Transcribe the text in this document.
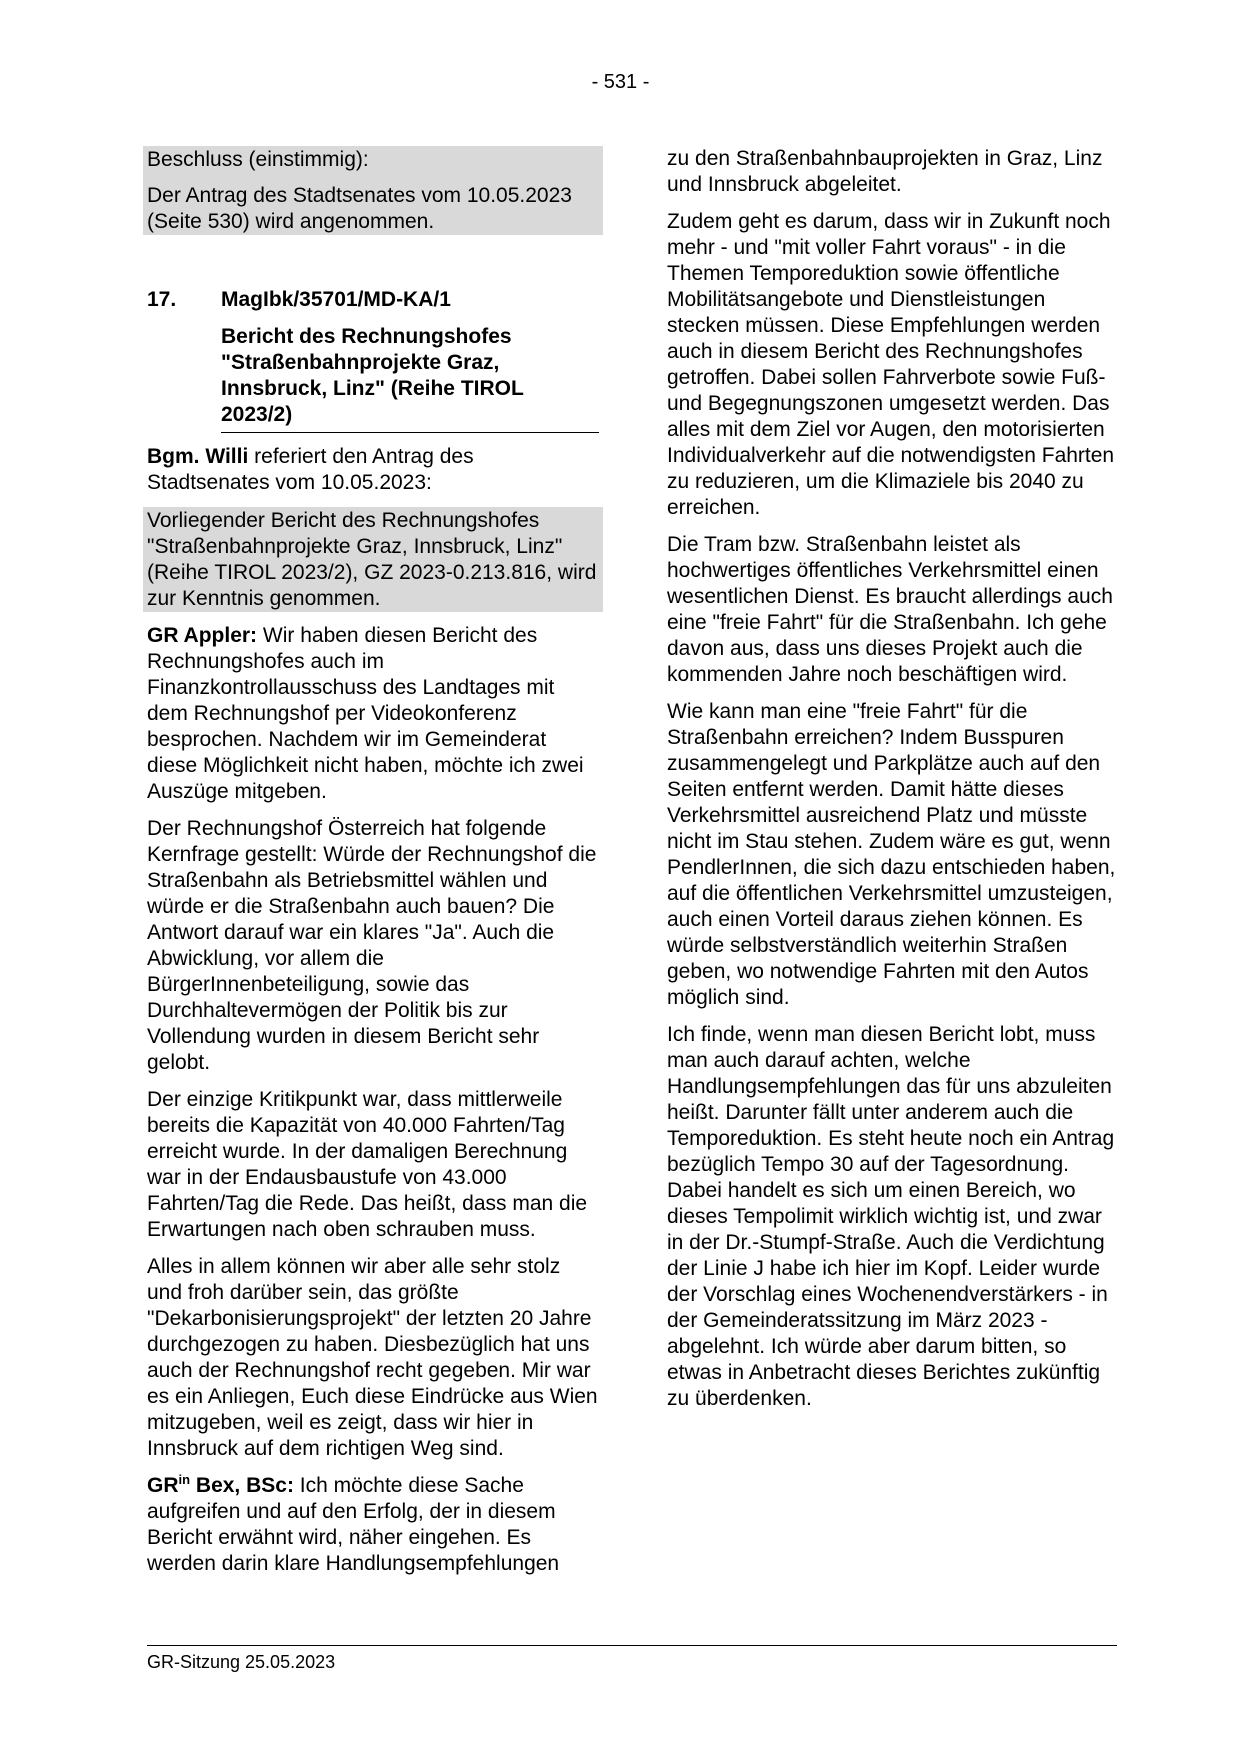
- 531 -

Beschluss (einstimmig):

Der Antrag des Stadtsenates vom 10.05.2023 (Seite 530) wird angenommen.

17.	MagIbk/35701/MD-KA/1
Bericht des Rechnungshofes "Straßenbahnprojekte Graz, Innsbruck, Linz" (Reihe TIROL 2023/2)

Bgm. Willi referiert den Antrag des Stadtsenates vom 10.05.2023:

Vorliegender Bericht des Rechnungshofes "Straßenbahnprojekte Graz, Innsbruck, Linz" (Reihe TIROL 2023/2), GZ 2023-0.213.816, wird zur Kenntnis genommen.

GR Appler: Wir haben diesen Bericht des Rechnungshofes auch im Finanzkontrollausschuss des Landtages mit dem Rechnungshof per Videokonferenz besprochen. Nachdem wir im Gemeinderat diese Möglichkeit nicht haben, möchte ich zwei Auszüge mitgeben.

Der Rechnungshof Österreich hat folgende Kernfrage gestellt: Würde der Rechnungshof die Straßenbahn als Betriebsmittel wählen und würde er die Straßenbahn auch bauen? Die Antwort darauf war ein klares "Ja". Auch die Abwicklung, vor allem die BürgerInnenbeteiligung, sowie das Durchhaltevermögen der Politik bis zur Vollendung wurden in diesem Bericht sehr gelobt.

Der einzige Kritikpunkt war, dass mittlerweile bereits die Kapazität von 40.000 Fahrten/Tag erreicht wurde. In der damaligen Berechnung war in der Endausbaustufe von 43.000 Fahrten/Tag die Rede. Das heißt, dass man die Erwartungen nach oben schrauben muss.

Alles in allem können wir aber alle sehr stolz und froh darüber sein, das größte "Dekarbonisierungsprojekt" der letzten 20 Jahre durchgezogen zu haben. Diesbezüglich hat uns auch der Rechnungshof recht gegeben. Mir war es ein Anliegen, Euch diese Eindrücke aus Wien mitzugeben, weil es zeigt, dass wir hier in Innsbruck auf dem richtigen Weg sind.

$GR^{in}$ Bex, BSc: Ich möchte diese Sache aufgreifen und auf den Erfolg, der in diesem Bericht erwähnt wird, näher eingehen. Es werden darin klare Handlungsempfehlungen

zu den Straßenbahnbauprojekten in Graz, Linz und Innsbruck abgeleitet.

Zudem geht es darum, dass wir in Zukunft noch mehr - und "mit voller Fahrt voraus" - in die Themen Temporeduktion sowie öffentliche Mobilitätsangebote und Dienstleistungen stecken müssen. Diese Empfehlungen werden auch in diesem Bericht des Rechnungshofes getroffen. Dabei sollen Fahrverbote sowie Fuß- und Begegnungszonen umgesetzt werden. Das alles mit dem Ziel vor Augen, den motorisierten Individualverkehr auf die notwendigsten Fahrten zu reduzieren, um die Klimaziele bis 2040 zu erreichen.

Die Tram bzw. Straßenbahn leistet als hochwertiges öffentliches Verkehrsmittel einen wesentlichen Dienst. Es braucht allerdings auch eine "freie Fahrt" für die Straßenbahn. Ich gehe davon aus, dass uns dieses Projekt auch die kommenden Jahre noch beschäftigen wird.

Wie kann man eine "freie Fahrt" für die Straßenbahn erreichen? Indem Busspuren zusammengelegt und Parkplätze auch auf den Seiten entfernt werden. Damit hätte dieses Verkehrsmittel ausreichend Platz und müsste nicht im Stau stehen. Zudem wäre es gut, wenn PendlerInnen, die sich dazu entschieden haben, auf die öffentlichen Verkehrsmittel umzusteigen, auch einen Vorteil daraus ziehen können. Es würde selbstverständlich weiterhin Straßen geben, wo notwendige Fahrten mit den Autos möglich sind.

Ich finde, wenn man diesen Bericht lobt, muss man auch darauf achten, welche Handlungsempfehlungen das für uns abzuleiten heißt. Darunter fällt unter anderem auch die Temporeduktion. Es steht heute noch ein Antrag bezüglich Tempo 30 auf der Tagesordnung. Dabei handelt es sich um einen Bereich, wo dieses Tempolimit wirklich wichtig ist, und zwar in der Dr.-Stumpf-Straße. Auch die Verdichtung der Linie J habe ich hier im Kopf. Leider wurde der Vorschlag eines Wochenendverstärkers - in der Gemeinderatssitzung im März 2023 - abgelehnt. Ich würde aber darum bitten, so etwas in Anbetracht dieses Berichtes zukünftig zu überdenken.

GR-Sitzung 25.05.2023
